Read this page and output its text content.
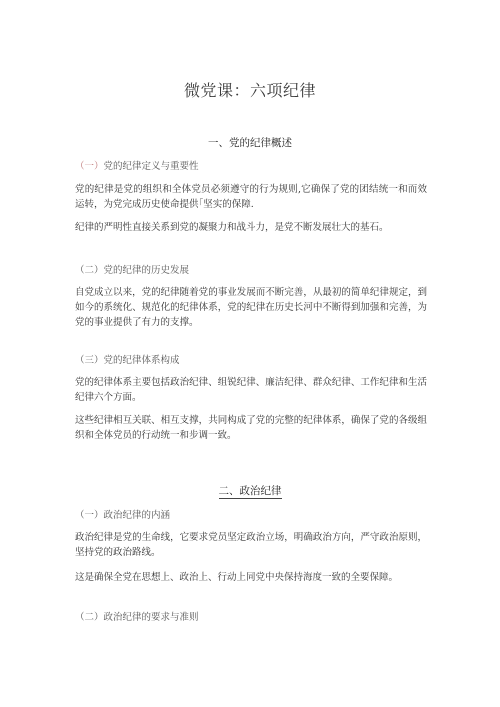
微党课：六项纪律
一、党的纪律概述
（一）党的纪律定义与重要性
党的纪律是党的组织和全体党员必须遵守的行为规则,它确保了党的团结统一和而效运转，为党完成历史使命提供｢坚实的保障.
纪律的严明性直接关系到党的凝聚力和战斗力，是党不断发展壮大的基石。
（二）党的纪律的历史发展
自党成立以来，党的纪律随着党的事业发展而不断完善，从最初的简单纪律规定，到如今的系统化、规范化的纪律体系，党的纪律在历史长河中不断得到加强和完善，为党的事业提供了有力的支撑。
（三）党的纪律体系构成
党的纪律体系主要包括政治纪律、组锐纪律、廉洁纪律、群众纪律、工作纪律和生活纪律六个方面。
这些纪律相互关联、相互支撑，共同构成了党的完整的纪律体系，确保了党的各级组织和全体党员的行动统一和步调一致。
二、政治纪律
（一）政治纪律的内涵
政治纪律是党的生命线，它要求党员坚定政治立场，明确政治方向，严守政治原则，坚持党的政治路线。
这是确保全党在思想上、政治上、行动上同党中央保持海度一致的全要保障。
（二）政治纪律的要求与准则
